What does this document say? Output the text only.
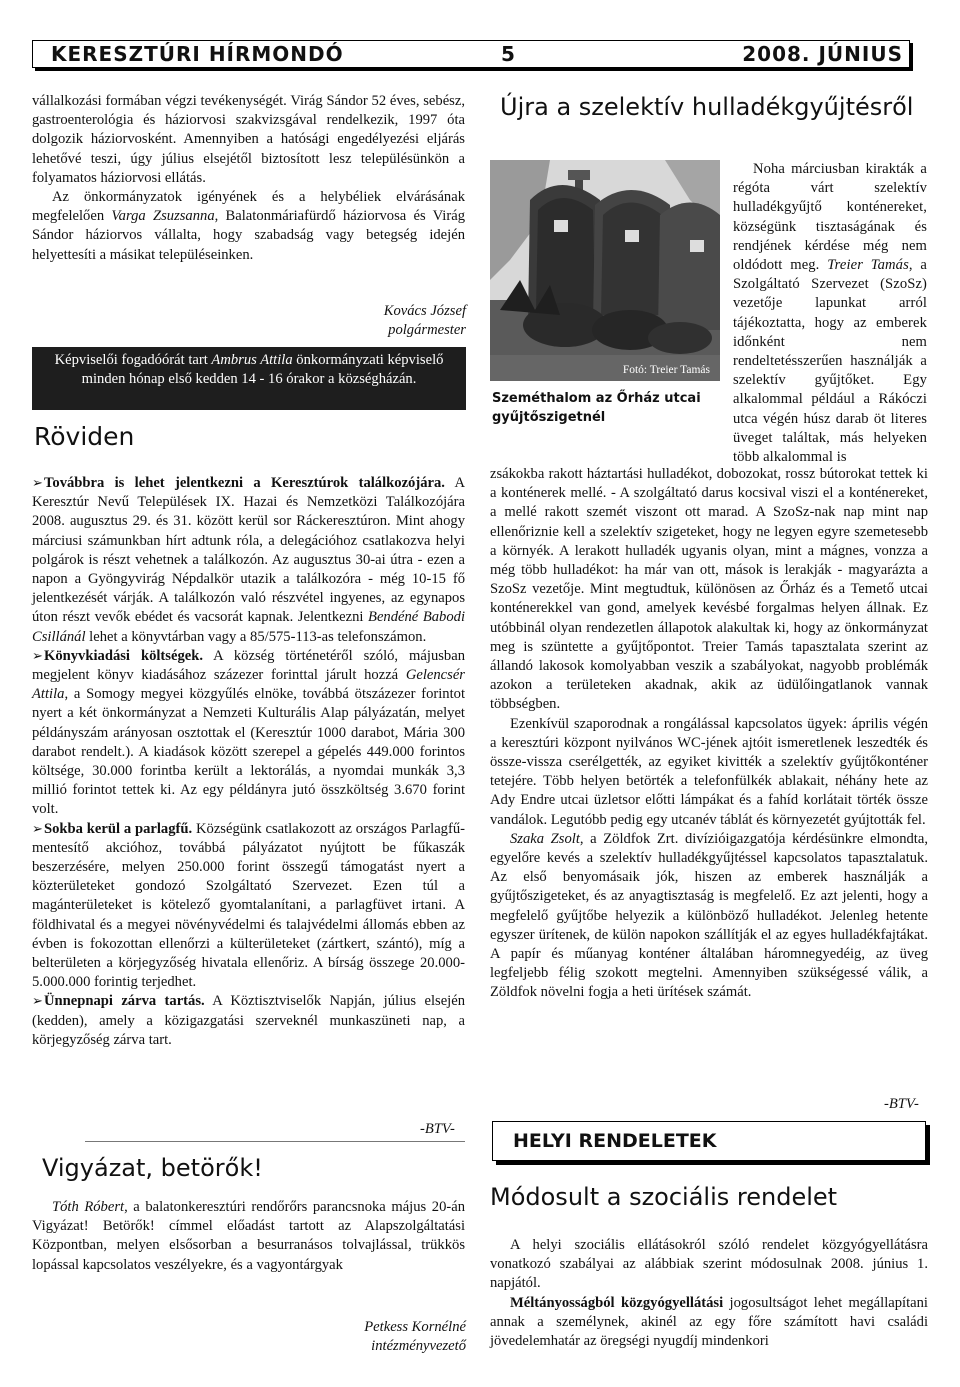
KERESZTÚRI HÍRMONDÓ	5	2008. JÚNIUS

vállalkozási formában végzi tevékenységét. Virág Sándor 52 éves, sebész, gastroenterológia és háziorvosi szakvizsgával rendelkezik, 1997 óta dolgozik háziorvosként. Amennyiben a hatósági engedélyezési eljárás lehetővé teszi, úgy július elsejétől biztosított lesz településünkön a folyamatos háziorvosi ellátás.

Az önkormányzatok igényének és a helybéliek elvárásának megfelelően Varga Zsuzsanna, Balatonmáriafürdő háziorvosa és Virág Sándor háziorvos vállalta, hogy szabadság vagy betegség idején helyettesíti a másikat településeinken.

Kovács József
polgármester
Képviselői fogadóórát tart Ambrus Attila önkormányzati képviselő minden hónap első kedden 14 - 16 órakor a községházán.
Röviden

➢Továbbra is lehet jelentkezni a Keresztúrok találkozójára. A Keresztúr Nevű Települések IX. Hazai és Nemzetközi Találkozójára 2008. augusztus 29. és 31. között kerül sor Ráckeresztúron. Mint ahogy márciusi számunkban hírt adtunk róla, a delegációhoz csatlakozva helyi polgárok is részt vehetnek a találkozón. Az augusztus 30-ai útra - ezen a napon a Gyöngyvirág Népdalkör utazik a találkozóra - még 10-15 fő jelentkezését várják. A találkozón való részvétel ingyenes, az egynapos úton részt vevők ebédet és vacsorát kapnak. Jelentkezni Bendéné Babodi Csillánál lehet a könyvtárban vagy a 85/575-113-as telefonszámon.

➢Könyvkiadási költségek. A község történetéről szóló, májusban megjelent könyv kiadásához százezer forinttal járult hozzá Gelencsér Attila, a Somogy megyei közgyűlés elnöke, továbbá ötszázezer forintot nyert a két önkormányzat a Nemzeti Kulturális Alap pályázatán, melyet példányszám arányosan osztottak el (Keresztúr 1000 darabot, Mária 300 darabot rendelt.). A kiadások között szerepel a gépelés 449.000 forintos költsége, 30.000 forintba került a lektorálás, a nyomdai munkák 3,3 millió forintot tettek ki. Az egy példányra jutó összköltség 3.670 forint volt.

➢Sokba kerül a parlagfű. Községünk csatlakozott az országos Parlagfű-mentesítő akcióhoz, továbbá pályázatot nyújtott be fűkaszák beszerzésére, melyen 250.000 forint összegű támogatást nyert a közterületeket gondozó Szolgáltató Szervezet. Ezen túl a magánterületeket is kötelező gyomtalanítani, a parlagfüvet irtani. A földhivatal és a megyei növényvédelmi és talajvédelmi állomás ebben az évben is fokozottan ellenőrzi a külterületeket (zártkert, szántó), míg a belterületen a körjegyzőség hivatala ellenőriz. A bírság összege 20.000-5.000.000 forintig terjedhet.

➢Ünnepnapi zárva tartás. A Köztisztviselők Napján, július elsején (kedden), amely a közigazgatási szerveknél munkaszüneti nap, a körjegyzőség zárva tart.

-BTV-
Vigyázat, betörők!

Tóth Róbert, a balatonkeresztúri rendőrőrs parancsnoka május 20-án Vigyázat! Betörők! címmel előadást tartott az Alapszolgáltatási Központban, melyen elsősorban a besurranásos tolvajlással, trükkös lopással kapcsolatos veszélyekre, és a vagyontárgyak

Petkess Kornélné
intézményvezető
Újra a szelektív hulladékgyűjtésről
Fotó: Treier Tamás
Szeméthalom az Őrház utcai gyűjtőszigetnél

Noha márciusban kirakták a régóta várt szelektív hulladékgyűjtő konténereket, községünk tisztaságának és rendjének kérdése még nem oldódott meg. Treier Tamás, a Szolgáltató Szervezet (SzoSz) vezetője lapunkat arról tájékoztatta, hogy az emberek időnként nem rendeltetésszerűen használják a szelektív gyűjtőket. Egy alkalommal például a Rákóczi utca végén húsz darab öt literes üveget találtak, más helyeken több alkalommal is

zsákokba rakott háztartási hulladékot, dobozokat, rossz bútorokat tettek ki a konténerek mellé. - A szolgáltató darus kocsival viszi el a konténereket, a mellé rakott szemét viszont ott marad. A SzoSz-nak nap mint nap ellenőriznie kell a szelektív szigeteket, hogy ne legyen egyre szemetesebb a környék. A lerakott hulladék ugyanis olyan, mint a mágnes, vonzza a még több hulladékot: ha már van ott, mások is lerakják - magyarázta a SzoSz vezetője. Mint megtudtuk, különösen az Őrház és a Temető utcai konténerekkel van gond, amelyek kevésbé forgalmas helyen állnak. Ez utóbbinál olyan rendezetlen állapotok alakultak ki, hogy az önkormányzat meg is szüntette a gyűjtőpontot. Treier Tamás tapasztalata szerint az állandó lakosok komolyabban veszik a szabályokat, nagyobb problémák azokon a területeken akadnak, akik az üdülőingatlanok vannak többségben.

Ezenkívül szaporodnak a rongálással kapcsolatos ügyek: április végén a keresztúri központ nyilvános WC-jének ajtóit ismeretlenek leszedték és össze-vissza cserélgették, az egyiket kivitték a szelektív gyűjtőkonténer tetejére. Több helyen betörték a telefonfülkék ablakait, néhány hete az Ady Endre utcai üzletsor előtti lámpákat és a fahíd korlátait törték össze vandálok. Legutóbb pedig egy utcanév táblát és környezetét gyújtották fel.

Szaka Zsolt, a Zöldfok Zrt. divízióigazgatója kérdésünkre elmondta, egyelőre kevés a szelektív hulladékgyűjtéssel kapcsolatos tapasztalatuk. Az első benyomásaik jók, hiszen az emberek használják a gyűjtőszigeteket, és az anyagtisztaság is megfelelő. Ez azt jelenti, hogy a megfelelő gyűjtőbe helyezik a különböző hulladékot. Jelenleg hetente egyszer ürítenek, de külön napokon szállítják el az egyes hulladékfajtákat. A papír és műanyag konténer általában háromnegyedéig, az üveg legfeljebb félig szokott megtelni. Amennyiben szükségessé válik, a Zöldfok növelni fogja a heti ürítések számát.

-BTV-
HELYI RENDELETEK
Módosult a szociális rendelet

A helyi szociális ellátásokról szóló rendelet közgyógyellátásra vonatkozó szabályai az alábbiak szerint módosulnak 2008. június 1. napjától.

Méltányosságból közgyógyellátási jogosultságot lehet megállapítani annak a személynek, akinél az egy főre számított havi családi jövedelemhatár az öregségi nyugdíj mindenkori
